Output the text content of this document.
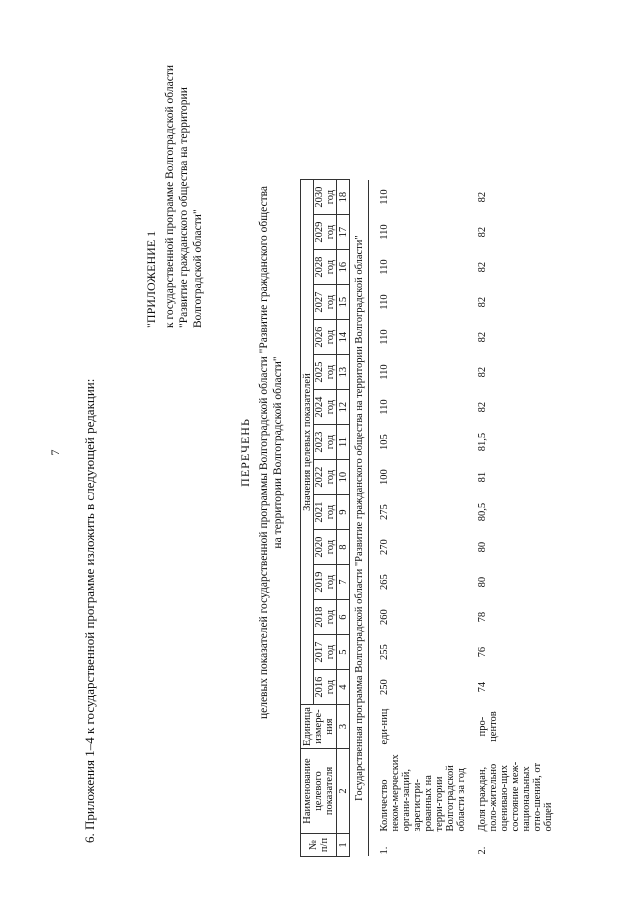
7 6. Приложения 1–4 к государственной программе изложить в следующей редакции:
"ПРИЛОЖЕНИЕ 1 к государственной программе Волгоградской области "Развитие гражданского общества на территории Волгоградской области"
ПЕРЕЧЕНЬ целевых показателей государственной программы Волгоградской области "Развитие гражданского общества на территории Волгоградской области"
№ п/п	Наименование целевого показателя	Единица измере-ния	Значения целевых показателей														
			2016 год	2017 год	2018 год	2019 год	2020 год	2021 год	2022 год	2023 год	2024 год	2025 год	2026 год	2027 год	2028 год	2029 год	2030 год
1	2	3	4	5	6	7	8	9	10	11	12	13	14	15	16	17	18
Государственная программа Волгоградской области "Развитие гражданского общества на территории Волгоградской области"																	
1.	Количество неком-мерческих органи-заций, зарегистри-рованных на терри-тории Волгоградской области за год	еди-ниц	250	255	260	265	270	275	100	105	110	110	110	110	110	110	110
2.	Доля граждан, поло-жительно оцениваю-щих состояние меж-национальных отно-шений, от общей	про-центов	74	76	78	80	80	80,5	81	81,5	82	82	82	82	82	82	82
